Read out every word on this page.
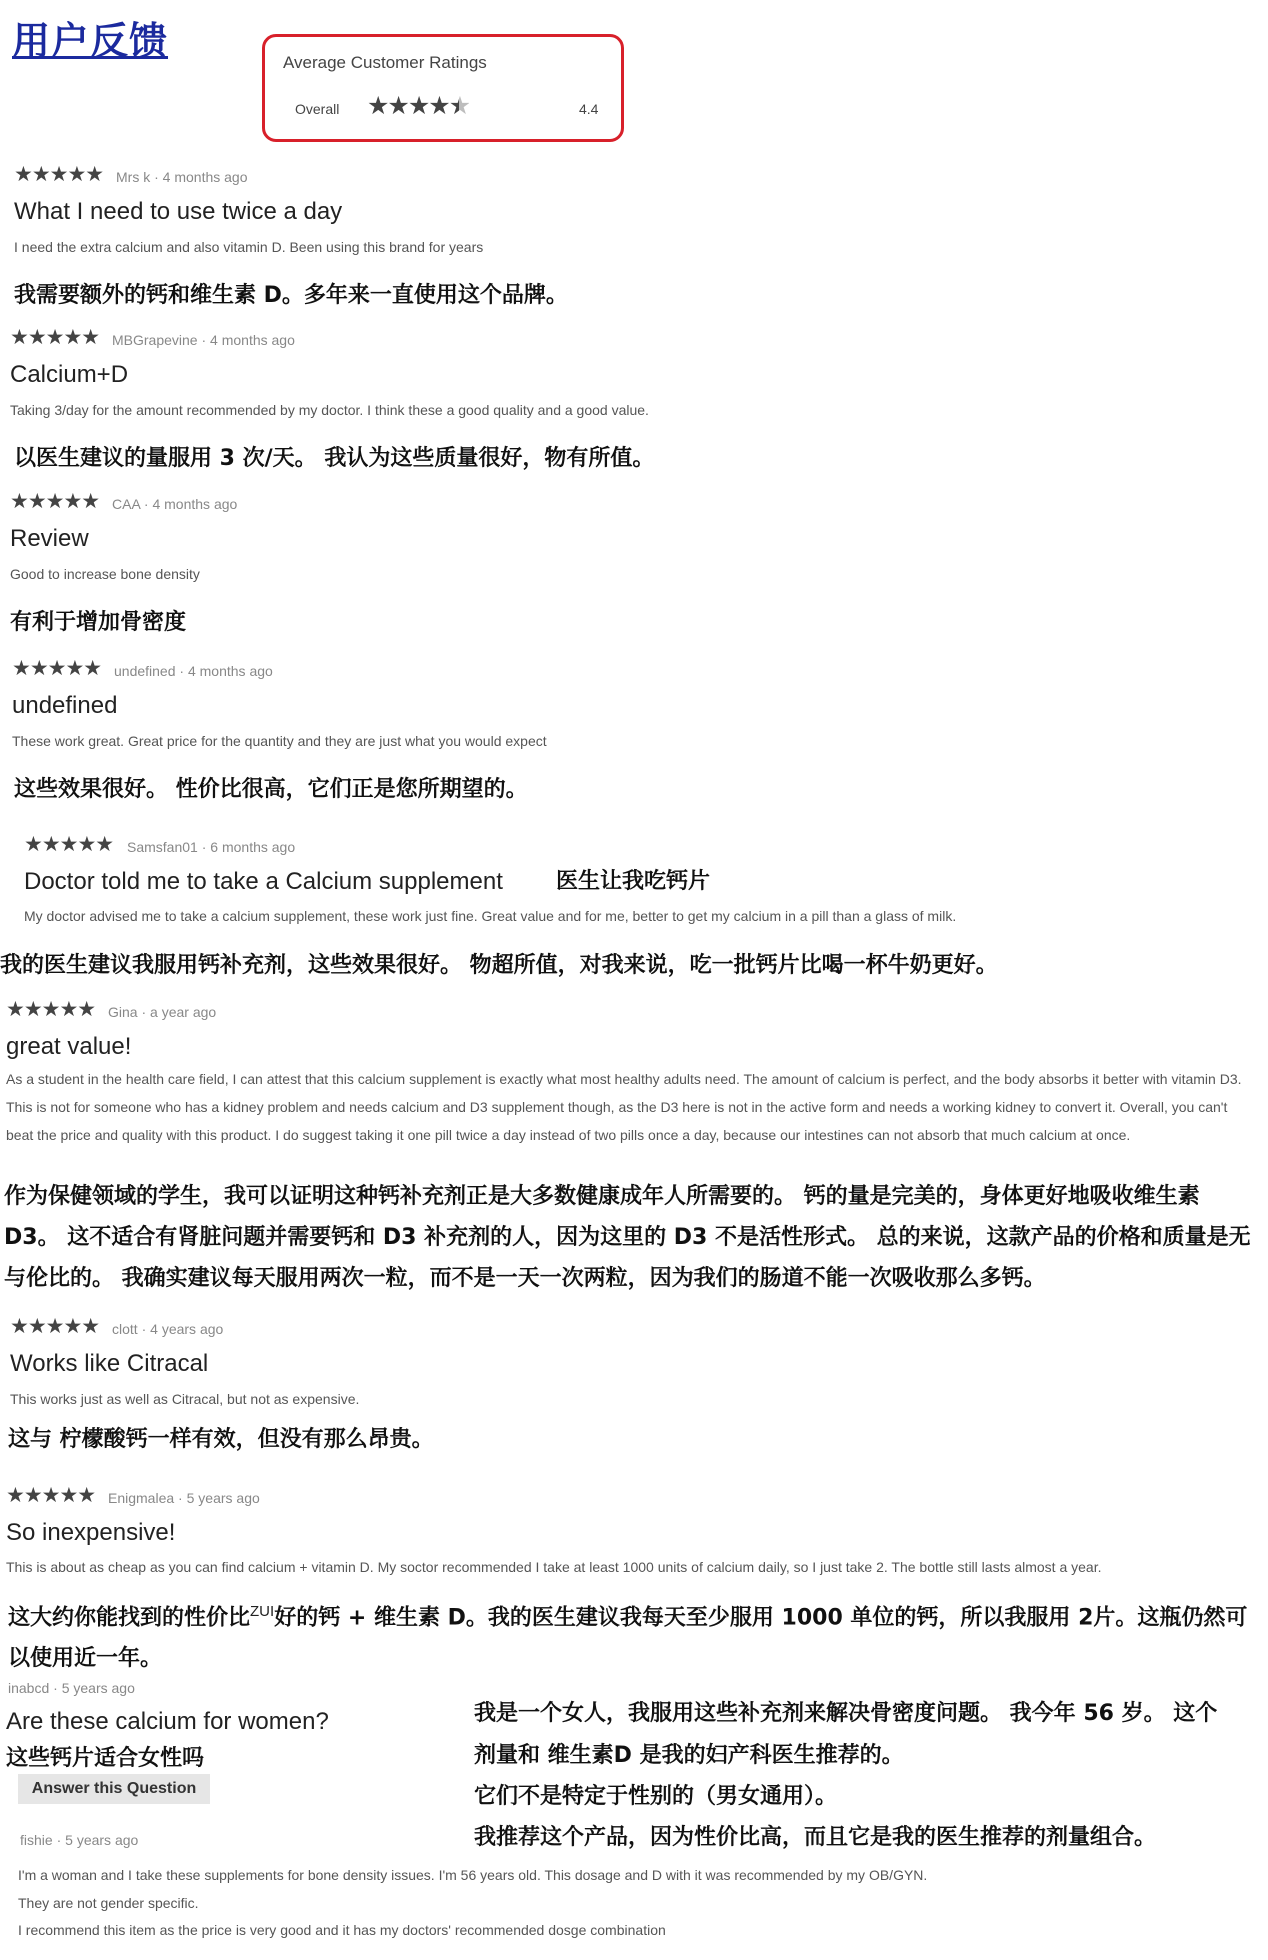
用户反馈	Average Customer Ratings
Overall ★★★★★	4.4
★★★★★ Mrs k · 4 months ago
What I need to use twice a day
I need the extra calcium and also vitamin D. Been using this brand for years
我需要额外的钙和维生素 D。多年来一直使用这个品牌。
★★★★★ MBGrapevine · 4 months ago
Calcium+D
Taking 3/day for the amount recommended by my doctor. I think these a good quality and a good value.
以医生建议的量服用 3 次/天。 我认为这些质量很好，物有所值。
★★★★★ CAA · 4 months ago
Review
Good to increase bone density
有利于增加骨密度
★★★★★ undefined · 4 months ago
undefined
These work great. Great price for the quantity and they are just what you would expect
这些效果很好。 性价比很高，它们正是您所期望的。
★★★★★ Samsfan01 · 6 months ago
Doctor told me to take a Calcium supplement 医生让我吃钙片
My doctor advised me to take a calcium supplement, these work just fine. Great value and for me, better to get my calcium in a pill than a glass of milk.
我的医生建议我服用钙补充剂，这些效果很好。 物超所值，对我来说，吃一批钙片比喝一杯牛奶更好。
★★★★★ Gina · a year ago
great value!
As a student in the health care field, I can attest that this calcium supplement is exactly what most healthy adults need. The amount of calcium is perfect, and the body absorbs it better with vitamin D3. This is not for someone who has a kidney problem and needs calcium and D3 supplement though, as the D3 here is not in the active form and needs a working kidney to convert it. Overall, you can't beat the price and quality with this product. I do suggest taking it one pill twice a day instead of two pills once a day, because our intestines can not absorb that much calcium at once.
作为保健领域的学生，我可以证明这种钙补充剂正是大多数健康成年人所需要的。 钙的量是完美的，身体更好地吸收维生素 D3。 这不适合有肾脏问题并需要钙和 D3 补充剂的人，因为这里的 D3 不是活性形式。 总的来说，这款产品的价格和质量是无与伦比的。 我确实建议每天服用两次一粒，而不是一天一次两粒，因为我们的肠道不能一次吸收那么多钙。
★★★★★ clott · 4 years ago
Works like Citracal
This works just as well as Citracal, but not as expensive.
这与 柠檬酸钙一样有效，但没有那么昂贵。
★★★★★ Enigmalea · 5 years ago
So inexpensive!
This is about as cheap as you can find calcium + vitamin D. My soctor recommended I take at least 1000 units of calcium daily, so I just take 2. The bottle still lasts almost a year.
这大约你能找到的性价比$^{ZUI}$好的钙 + 维生素 D。我的医生建议我每天至少服用 1000 单位的钙，所以我服用 2片。这瓶仍然可以使用近一年。
inabcd · 5 years ago
Are these calcium for women?
这些钙片适合女性吗
Answer this Question
fishie · 5 years ago
I'm a woman and I take these supplements for bone density issues. I'm 56 years old. This dosage and D with it was recommended by my OB/GYN.
They are not gender specific.
I recommend this item as the price is very good and it has my doctors' recommended dosge combination
我是一个女人，我服用这些补充剂来解决骨密度问题。 我今年 56 岁。 这个
剂量和 维生素D 是我的妇产科医生推荐的。
它们不是特定于性别的（男女通用）。
我推荐这个产品，因为性价比高，而且它是我的医生推荐的剂量组合。
